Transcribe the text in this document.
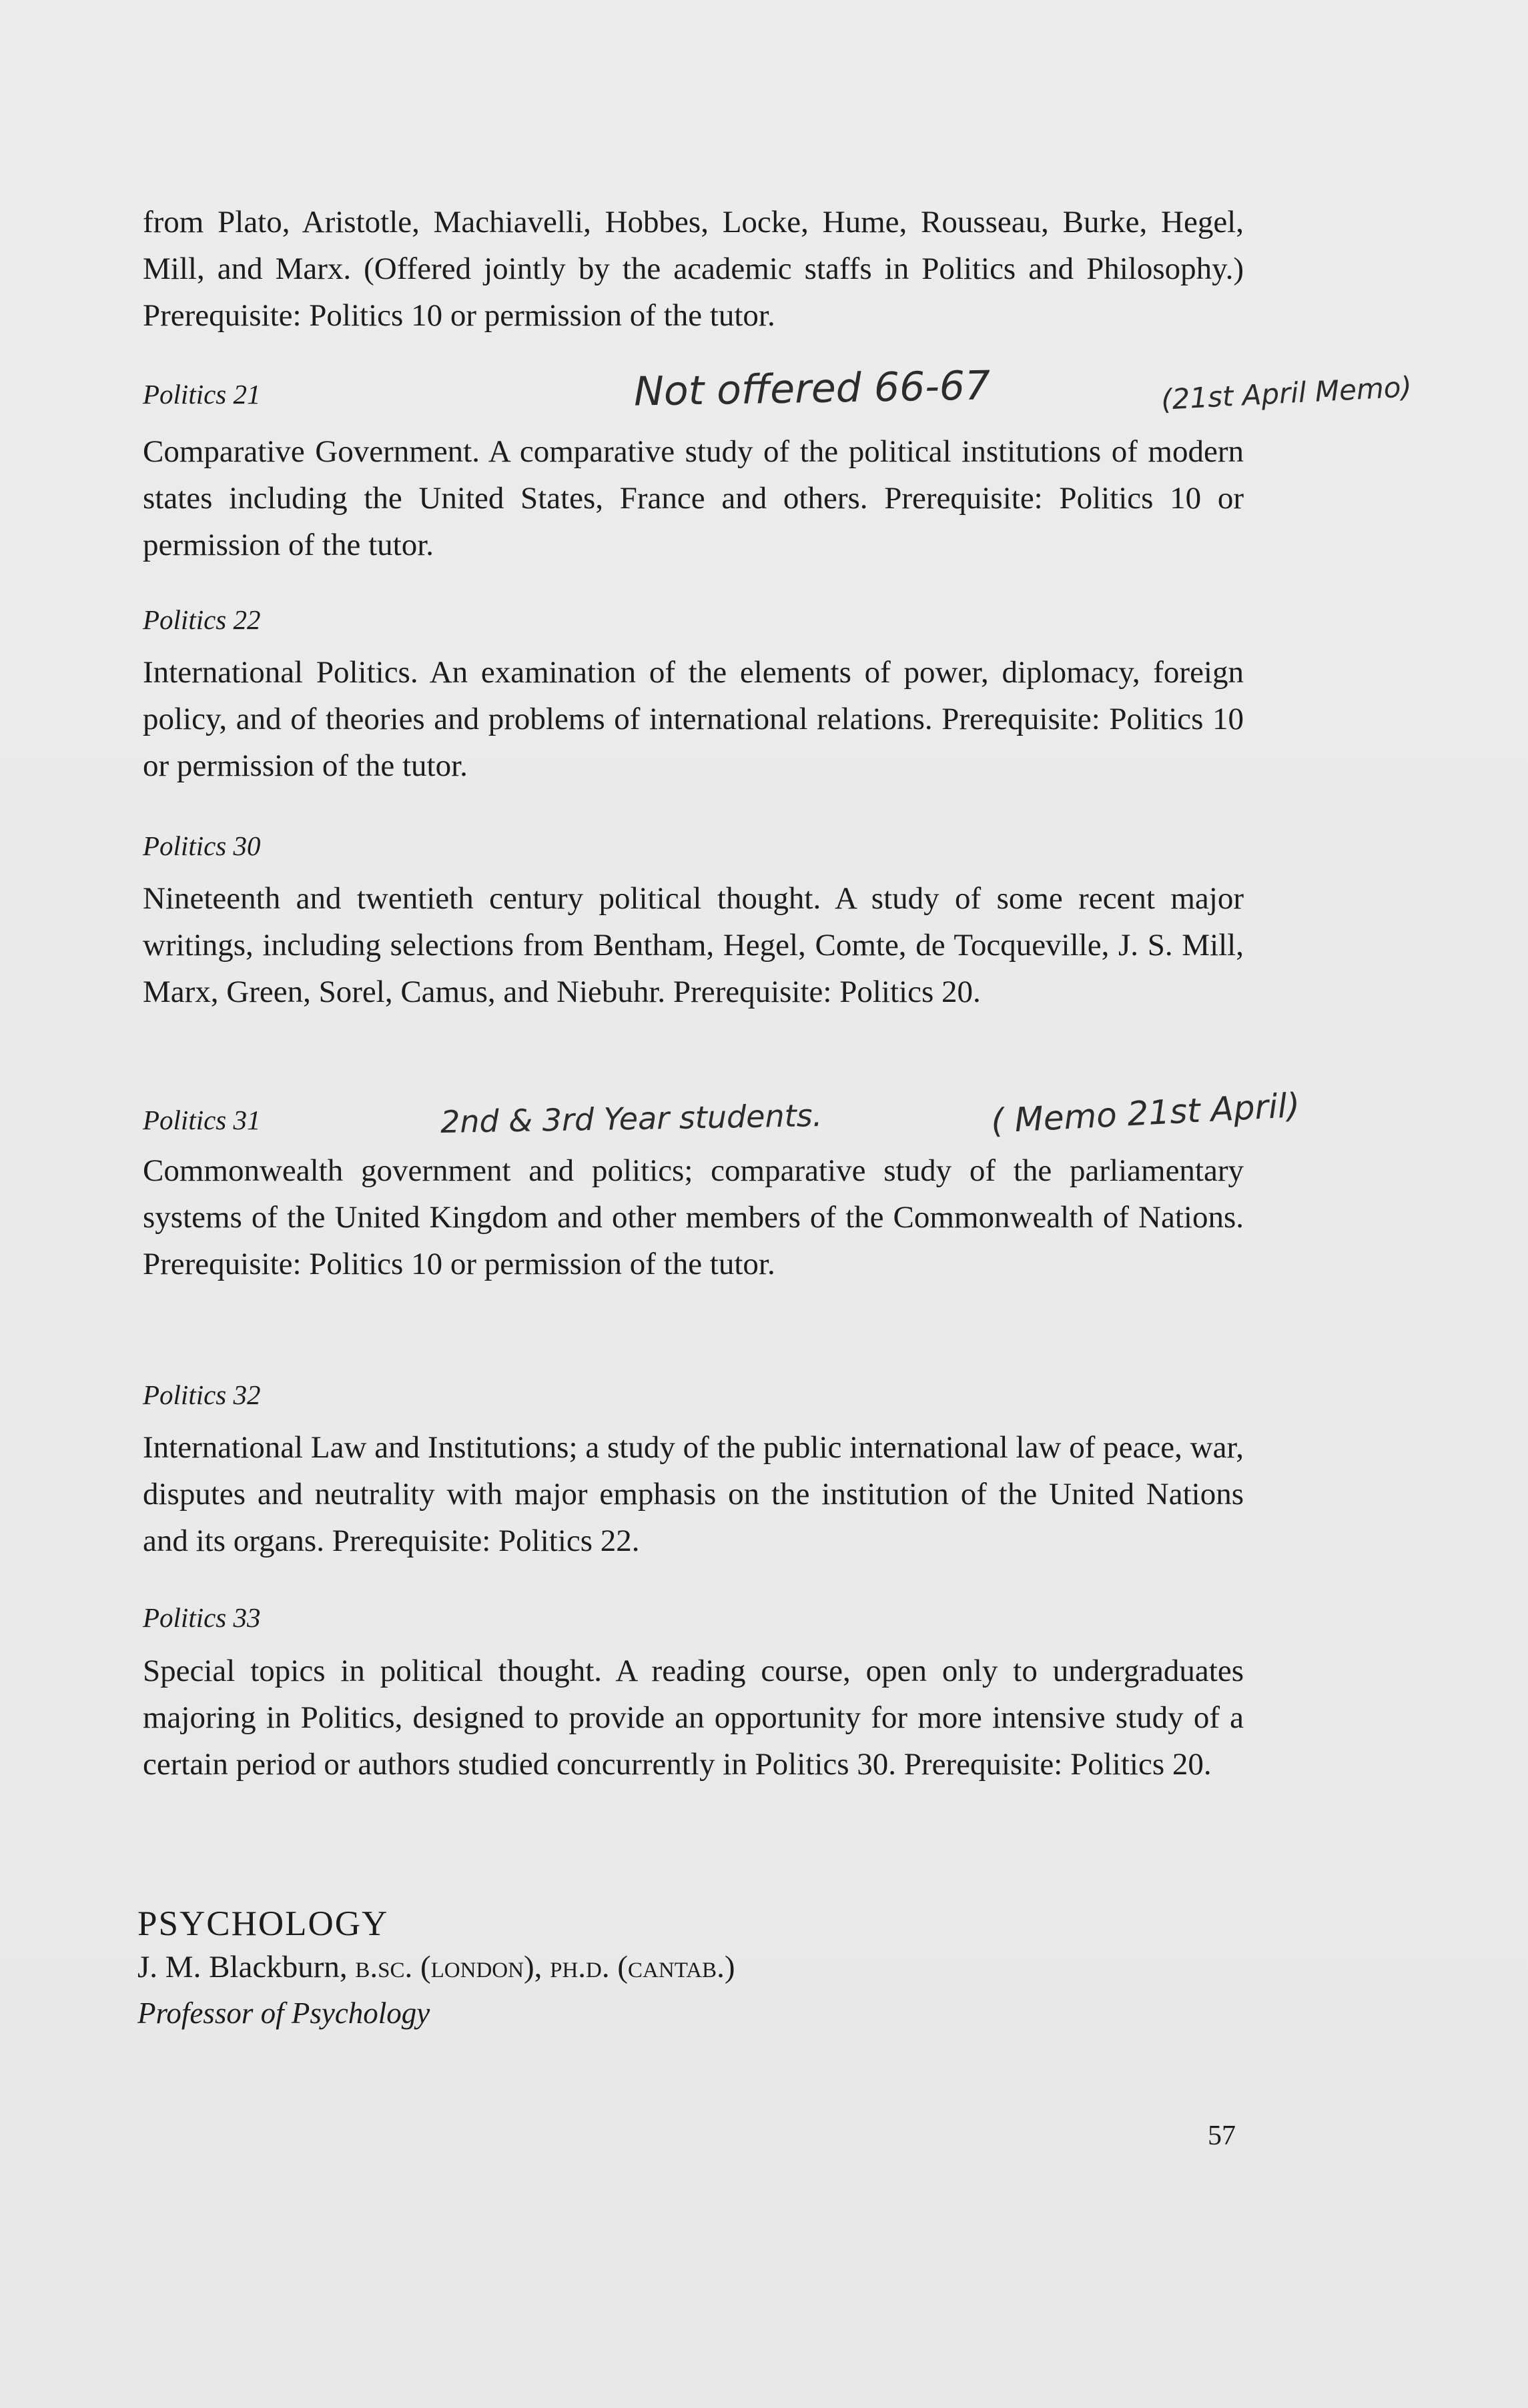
from Plato, Aristotle, Machiavelli, Hobbes, Locke, Hume, Rousseau, Burke, Hegel, Mill, and Marx. (Offered jointly by the academic staffs in Politics and Philosophy.) Prerequisite: Politics 10 or permission of the tutor.

Politics 21	Not offered 66-67	(21st April Memo)

Comparative Government. A comparative study of the political institutions of modern states including the United States, France and others. Prerequisite: Politics 10 or permission of the tutor.

Politics 22

International Politics. An examination of the elements of power, diplomacy, foreign policy, and of theories and problems of international relations. Prerequisite: Politics 10 or permission of the tutor.

Politics 30

Nineteenth and twentieth century political thought. A study of some recent major writings, including selections from Bentham, Hegel, Comte, de Tocqueville, J. S. Mill, Marx, Green, Sorel, Camus, and Niebuhr. Prerequisite: Politics 20.

Politics 31	2nd & 3rd Year students.	( Memo 21st April)

Commonwealth government and politics; comparative study of the parliamentary systems of the United Kingdom and other members of the Commonwealth of Nations. Prerequisite: Politics 10 or permission of the tutor.

Politics 32

International Law and Institutions; a study of the public international law of peace, war, disputes and neutrality with major emphasis on the institution of the United Nations and its organs. Prerequisite: Politics 22.

Politics 33

Special topics in political thought. A reading course, open only to undergraduates majoring in Politics, designed to provide an opportunity for more intensive study of a certain period or authors studied concurrently in Politics 30. Prerequisite: Politics 20.

PSYCHOLOGY

J. M. Blackburn, b.sc. (london), ph.d. (cantab.)

Professor of Psychology

57
